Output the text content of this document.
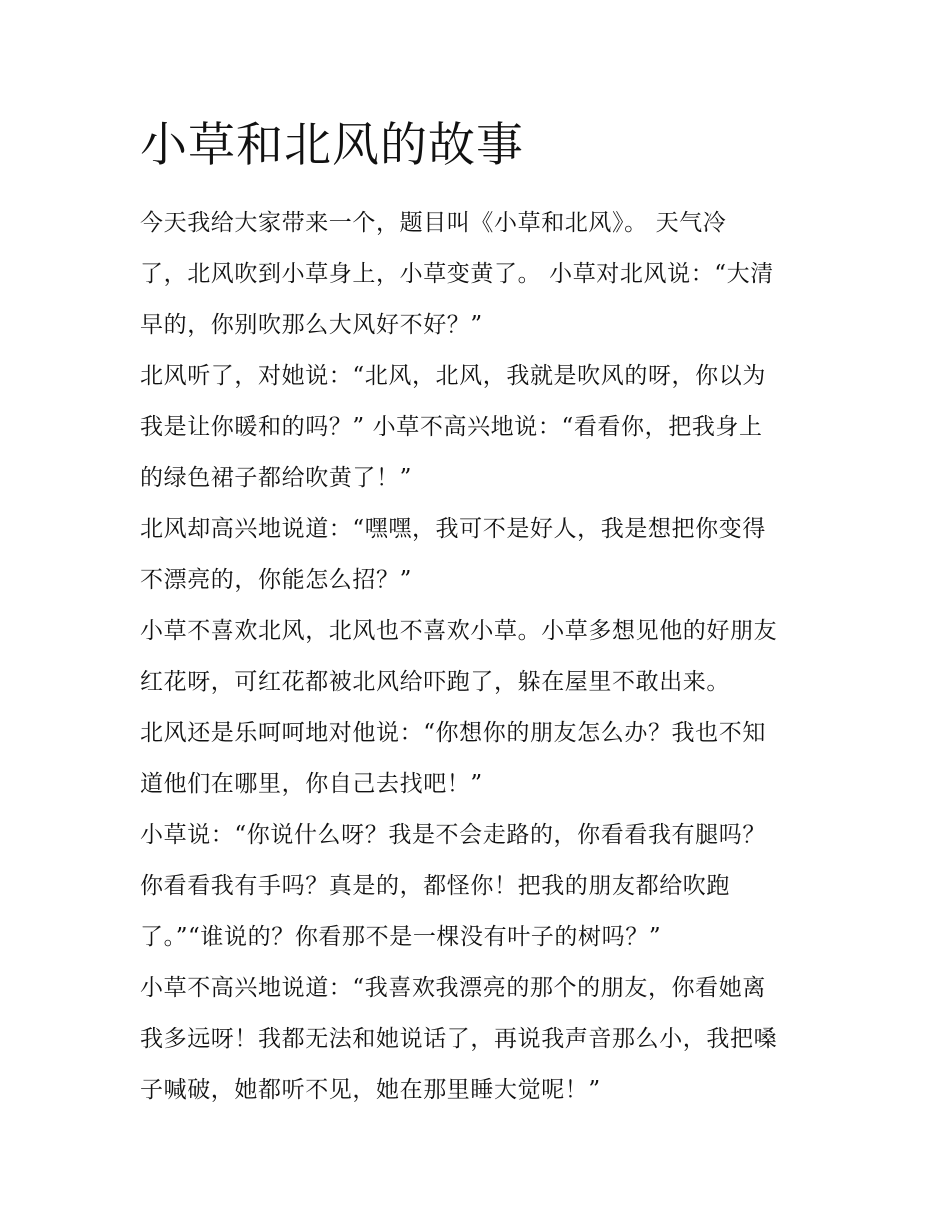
小草和北风的故事
今天我给大家带来一个，题目叫《小草和北风》。 天气冷
了，北风吹到小草身上，小草变黄了。 小草对北风说：“大清
早的，你别吹那么大风好不好？”
北风听了，对她说：“北风，北风，我就是吹风的呀，你以为
我是让你暖和的吗？” 小草不高兴地说：“看看你，把我身上
的绿色裙子都给吹黄了！”
北风却高兴地说道：“嘿嘿，我可不是好人，我是想把你变得
不漂亮的，你能怎么招？”
小草不喜欢北风，北风也不喜欢小草。小草多想见他的好朋友
红花呀，可红花都被北风给吓跑了，躲在屋里不敢出来。
北风还是乐呵呵地对他说：“你想你的朋友怎么办？我也不知
道他们在哪里，你自己去找吧！”
小草说：“你说什么呀？我是不会走路的，你看看我有腿吗？
你看看我有手吗？真是的，都怪你！把我的朋友都给吹跑
了。”“谁说的？你看那不是一棵没有叶子的树吗？”
小草不高兴地说道：“我喜欢我漂亮的那个的朋友，你看她离
我多远呀！我都无法和她说话了，再说我声音那么小，我把嗓
子喊破，她都听不见，她在那里睡大觉呢！”
